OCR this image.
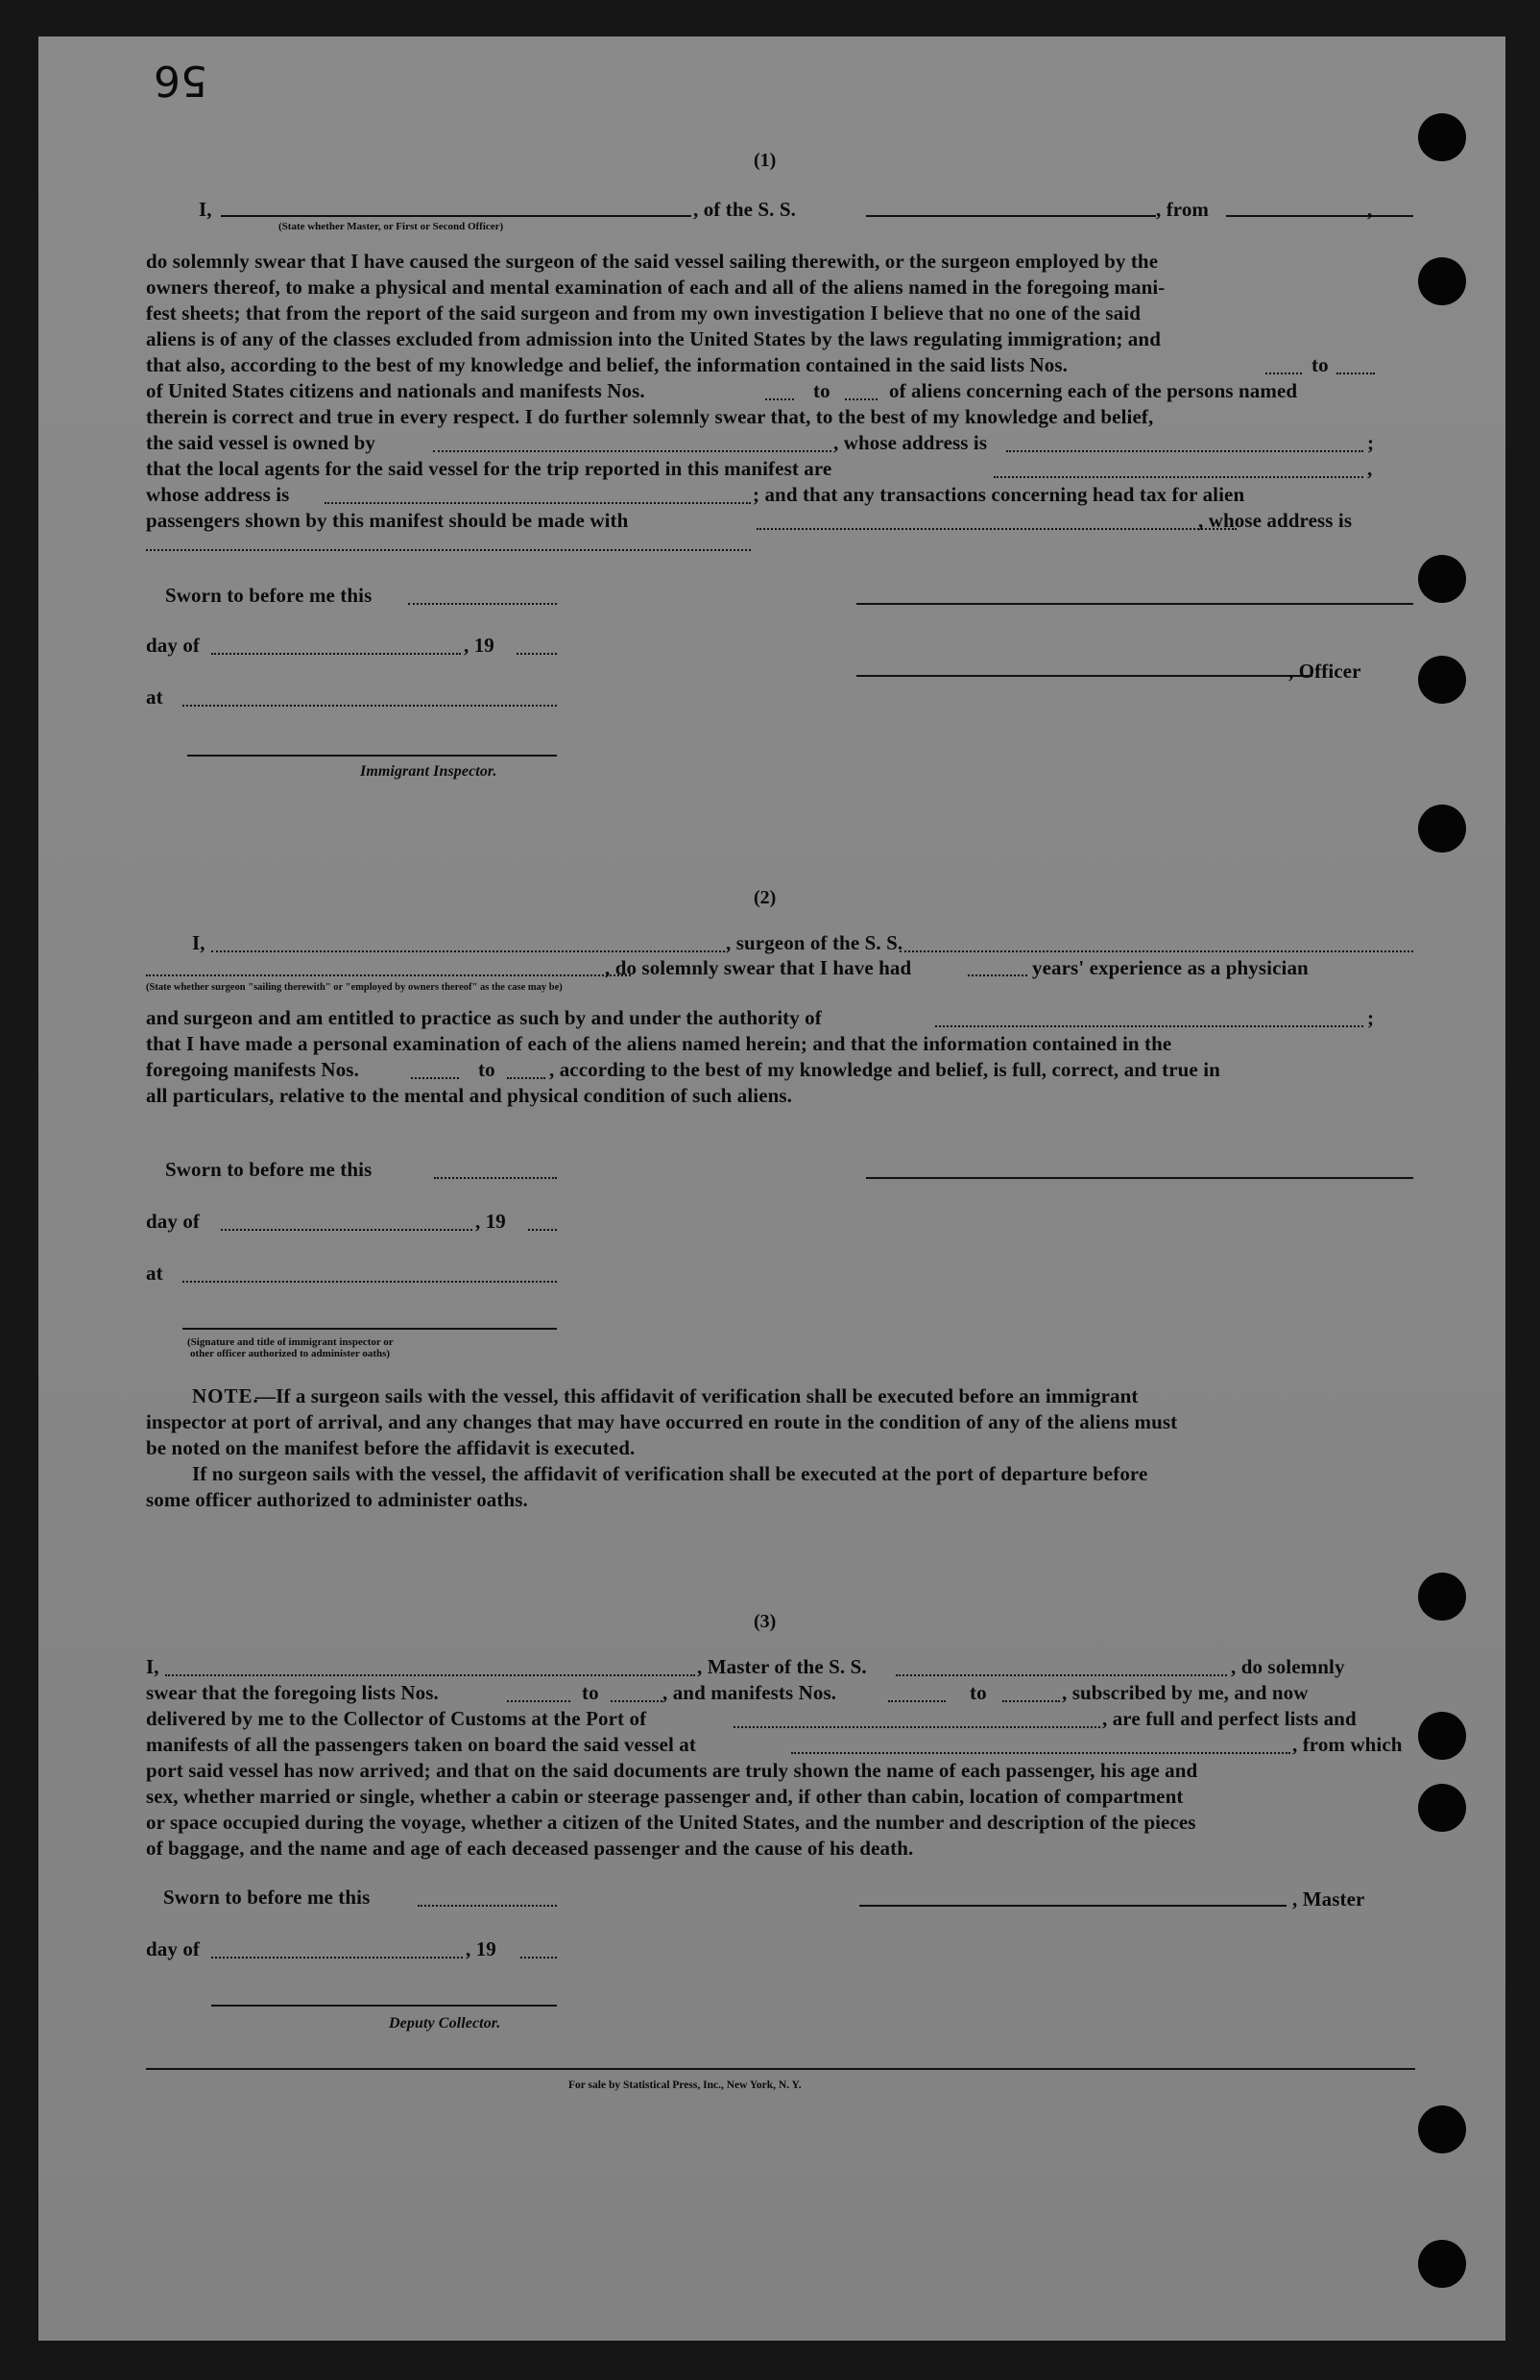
56
(1)
I,	, of the S. S.	, from	,
(State whether Master, or First or Second Officer)
do solemnly swear that I have caused the surgeon of the said vessel sailing therewith, or the surgeon employed by the
owners thereof, to make a physical and mental examination of each and all of the aliens named in the foregoing mani-
fest sheets; that from the report of the said surgeon and from my own investigation I believe that no one of the said
aliens is of any of the classes excluded from admission into the United States by the laws regulating immigration; and
that also, according to the best of my knowledge and belief, the information contained in the said lists Nos.	to
of United States citizens and nationals and manifests Nos.	to	of aliens concerning each of the persons named
therein is correct and true in every respect. I do further solemnly swear that, to the best of my knowledge and belief,
the said vessel is owned by	, whose address is	;
that the local agents for the said vessel for the trip reported in this manifest are	,
whose address is	; and that any transactions concerning head tax for alien
passengers shown by this manifest should be made with	, whose address is
Sworn to before me this
day of	, 19
, Officer
at
Immigrant Inspector.
(2)
I,	, surgeon of the S. S.
, do solemnly swear that I have had	years' experience as a physician
(State whether surgeon "sailing therewith" or "employed by owners thereof" as the case may be)
and surgeon and am entitled to practice as such by and under the authority of	;
that I have made a personal examination of each of the aliens named herein; and that the information contained in the
foregoing manifests Nos.	to	, according to the best of my knowledge and belief, is full, correct, and true in
all particulars, relative to the mental and physical condition of such aliens.
Sworn to before me this
day of	, 19
at
(Signature and title of immigrant inspector or
other officer authorized to administer oaths)
NOTE.
—If a surgeon sails with the vessel, this affidavit of verification shall be executed before an immigrant
inspector at port of arrival, and any changes that may have occurred en route in the condition of any of the aliens must
be noted on the manifest before the affidavit is executed.
If no surgeon sails with the vessel, the affidavit of verification shall be executed at the port of departure before
some officer authorized to administer oaths.
(3)
I,	, Master of the S. S.	, do solemnly
swear that the foregoing lists Nos.	to	, and manifests Nos.	to	, subscribed by me, and now
delivered by me to the Collector of Customs at the Port of	, are full and perfect lists and
manifests of all the passengers taken on board the said vessel at	, from which
port said vessel has now arrived; and that on the said documents are truly shown the name of each passenger, his age and
sex, whether married or single, whether a cabin or steerage passenger and, if other than cabin, location of compartment
or space occupied during the voyage, whether a citizen of the United States, and the number and description of the pieces
of baggage, and the name and age of each deceased passenger and the cause of his death.
Sworn to before me this	, Master
day of	, 19
Deputy Collector.
For sale by Statistical Press, Inc., New York, N. Y.
